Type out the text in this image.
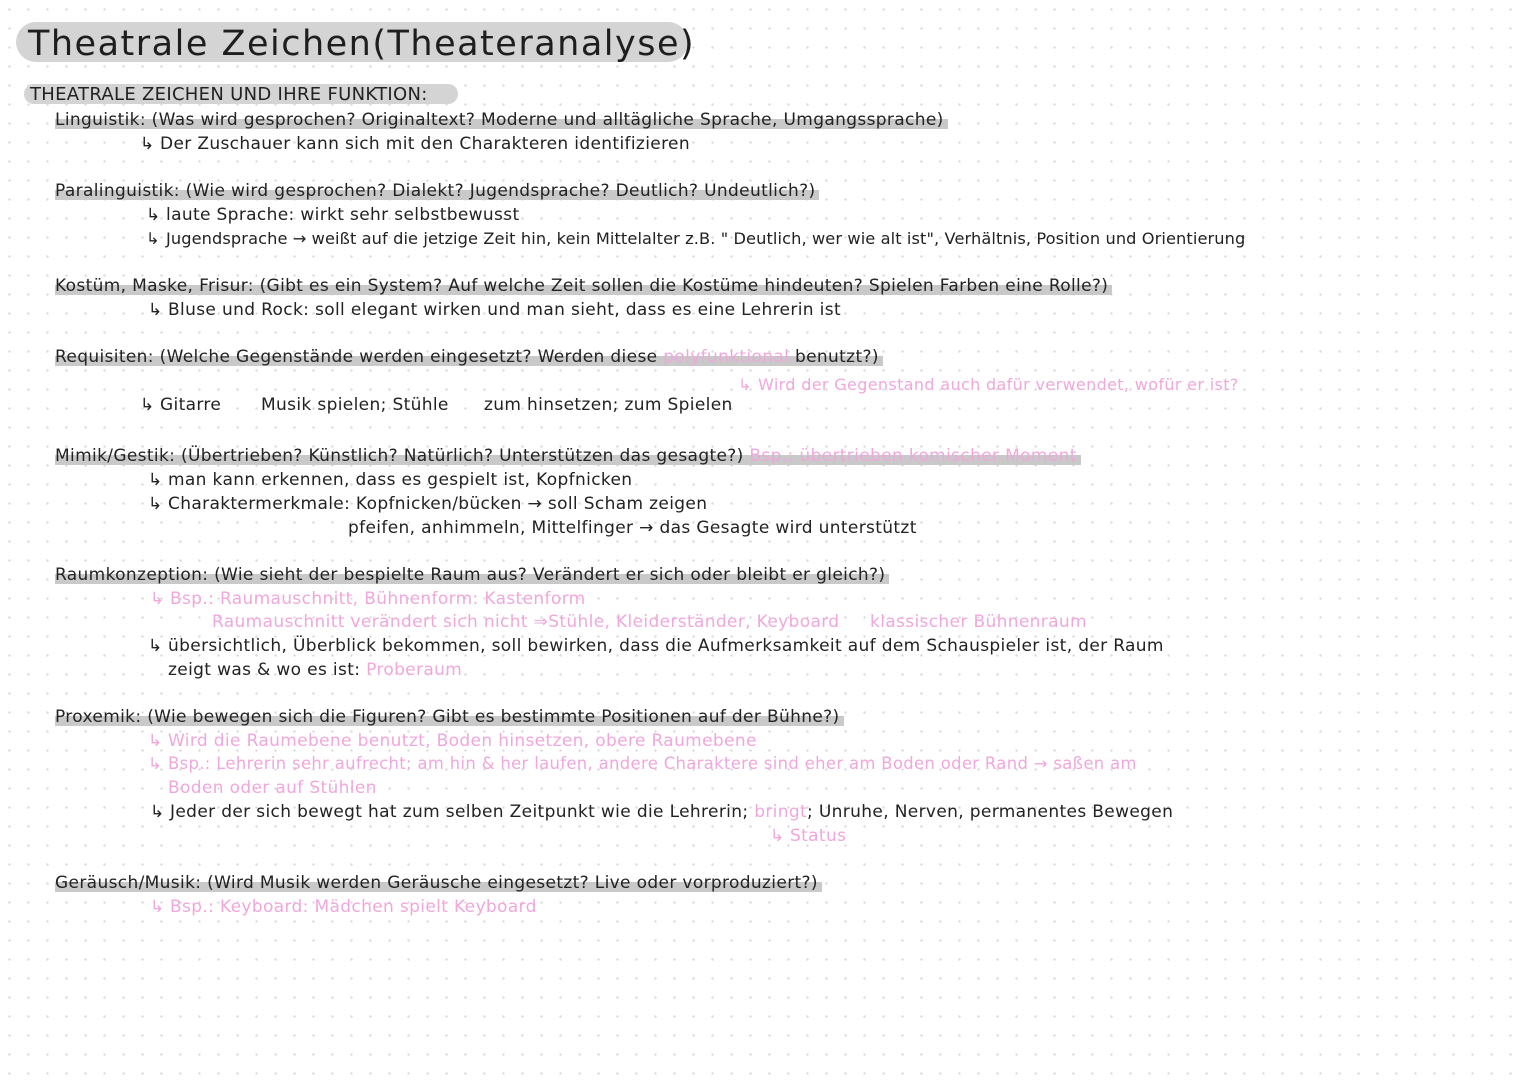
Theatrale Zeichen(Theateranalyse)
THEATRALE ZEICHEN UND IHRE FUNKTION:
Linguistik: (Was wird gesprochen? Originaltext? Moderne und alltägliche Sprache, Umgangssprache)
↳ Der Zuschauer kann sich mit den Charakteren identifizieren
Paralinguistik: (Wie wird gesprochen? Dialekt? Jugendsprache? Deutlich? Undeutlich?)
↳ laute Sprache: wirkt sehr selbstbewusst
↳ Jugendsprache → weißt auf die jetzige Zeit hin, kein Mittelalter z.B. " Deutlich, wer wie alt ist", Verhältnis, Position und Orientierung
Kostüm, Maske, Frisur: (Gibt es ein System? Auf welche Zeit sollen die Kostüme hindeuten? Spielen Farben eine Rolle?)
↳ Bluse und Rock: soll elegant wirken und man sieht, dass es eine Lehrerin ist
Requisiten: (Welche Gegenstände werden eingesetzt? Werden diese polyfunktional benutzt?)
↳ Wird der Gegenstand auch dafür verwendet, wofür er ist?
↳ Gitarre Musik spielen; Stühle zum hinsetzen; zum Spielen
Mimik/Gestik: (Übertrieben? Künstlich? Natürlich? Unterstützen das gesagte?) Bsp.: übertrieben komischer Moment
↳ man kann erkennen, dass es gespielt ist, Kopfnicken
↳ Charaktermerkmale: Kopfnicken/bücken → soll Scham zeigen
pfeifen, anhimmeln, Mittelfinger → das Gesagte wird unterstützt
Raumkonzeption: (Wie sieht der bespielte Raum aus? Verändert er sich oder bleibt er gleich?)
↳ Bsp.: Raumauschnitt, Bühnenform: Kastenform
Raumauschnitt verändert sich nicht ⇒Stühle, Kleiderständer, Keyboard klassischer Bühnenraum
↳ übersichtlich, Überblick bekommen, soll bewirken, dass die Aufmerksamkeit auf dem Schauspieler ist, der Raum
zeigt was & wo es ist: Proberaum
Proxemik: (Wie bewegen sich die Figuren? Gibt es bestimmte Positionen auf der Bühne?)
↳ Wird die Raumebene benutzt, Boden hinsetzen, obere Raumebene
↳ Bsp.: Lehrerin sehr aufrecht: am hin & her laufen, andere Charaktere sind eher am Boden oder Rand → saßen am
Boden oder auf Stühlen
↳ Jeder der sich bewegt hat zum selben Zeitpunkt wie die Lehrerin; bringt; Unruhe, Nerven, permanentes Bewegen
↳ Status
Geräusch/Musik: (Wird Musik werden Geräusche eingesetzt? Live oder vorproduziert?)
↳ Bsp.: Keyboard: Mädchen spielt Keyboard
